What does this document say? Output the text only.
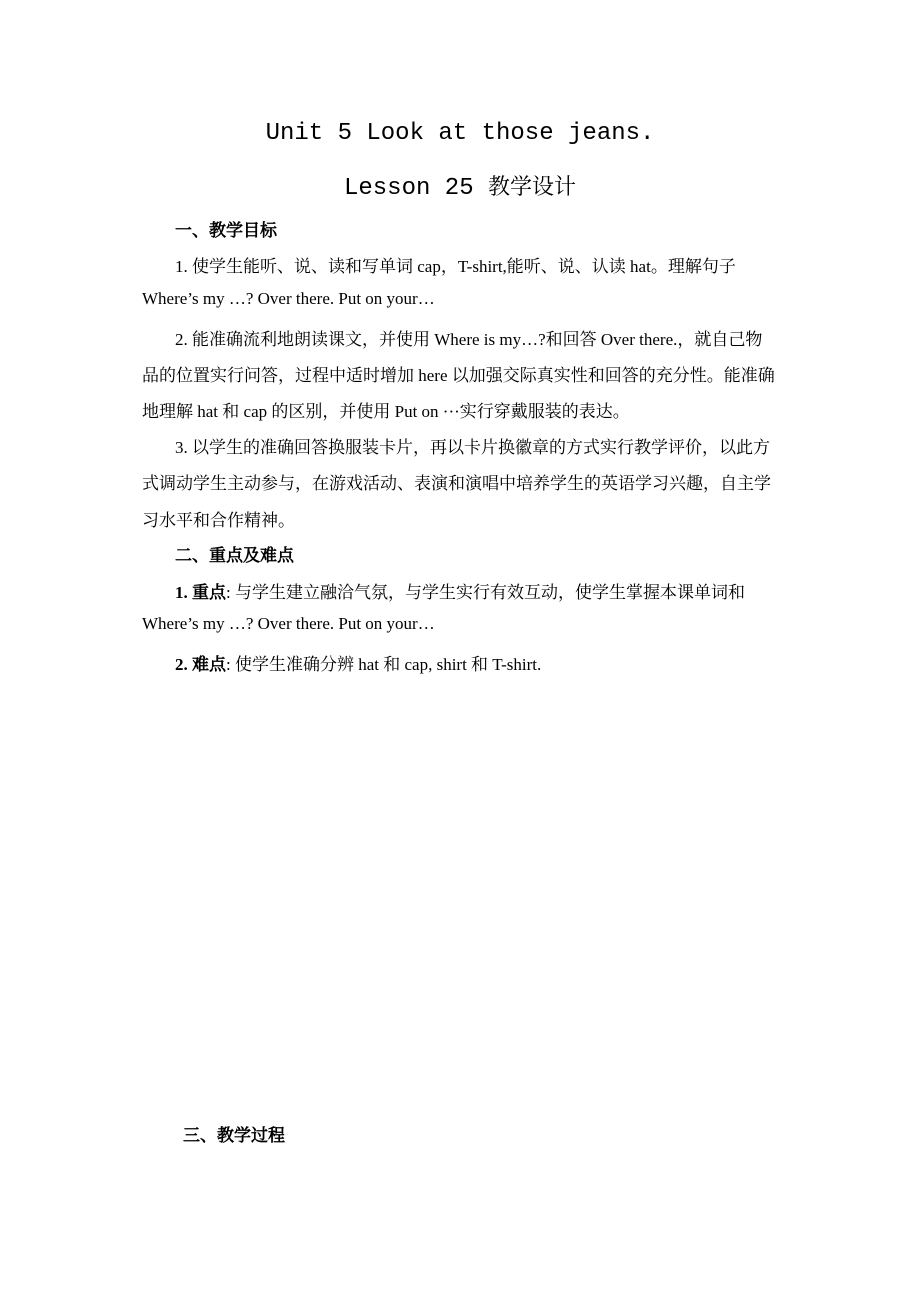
Unit 5 Look at those jeans.
Lesson 25 教学设计
一、教学目标
1. 使学生能听、说、读和写单词 cap，T-shirt,能听、说、认读 hat。理解句子
Where’s my …? Over there. Put on your…
2. 能准确流利地朗读课文，并使用 Where is my…?和回答 Over there.，就自己物
品的位置实行问答，过程中适时增加 here 以加强交际真实性和回答的充分性。能准确
地理解 hat 和 cap 的区别，并使用 Put on ···实行穿戴服装的表达。
3. 以学生的准确回答换服装卡片，再以卡片换徽章的方式实行教学评价，以此方
式调动学生主动参与，在游戏活动、表演和演唱中培养学生的英语学习兴趣，自主学
习水平和合作精神。
二、重点及难点
1. 重点: 与学生建立融洽气氛，与学生实行有效互动，使学生掌握本课单词和
Where’s my …? Over there. Put on your…
2. 难点: 使学生准确分辨 hat 和 cap, shirt 和 T-shirt.
三、教学过程
